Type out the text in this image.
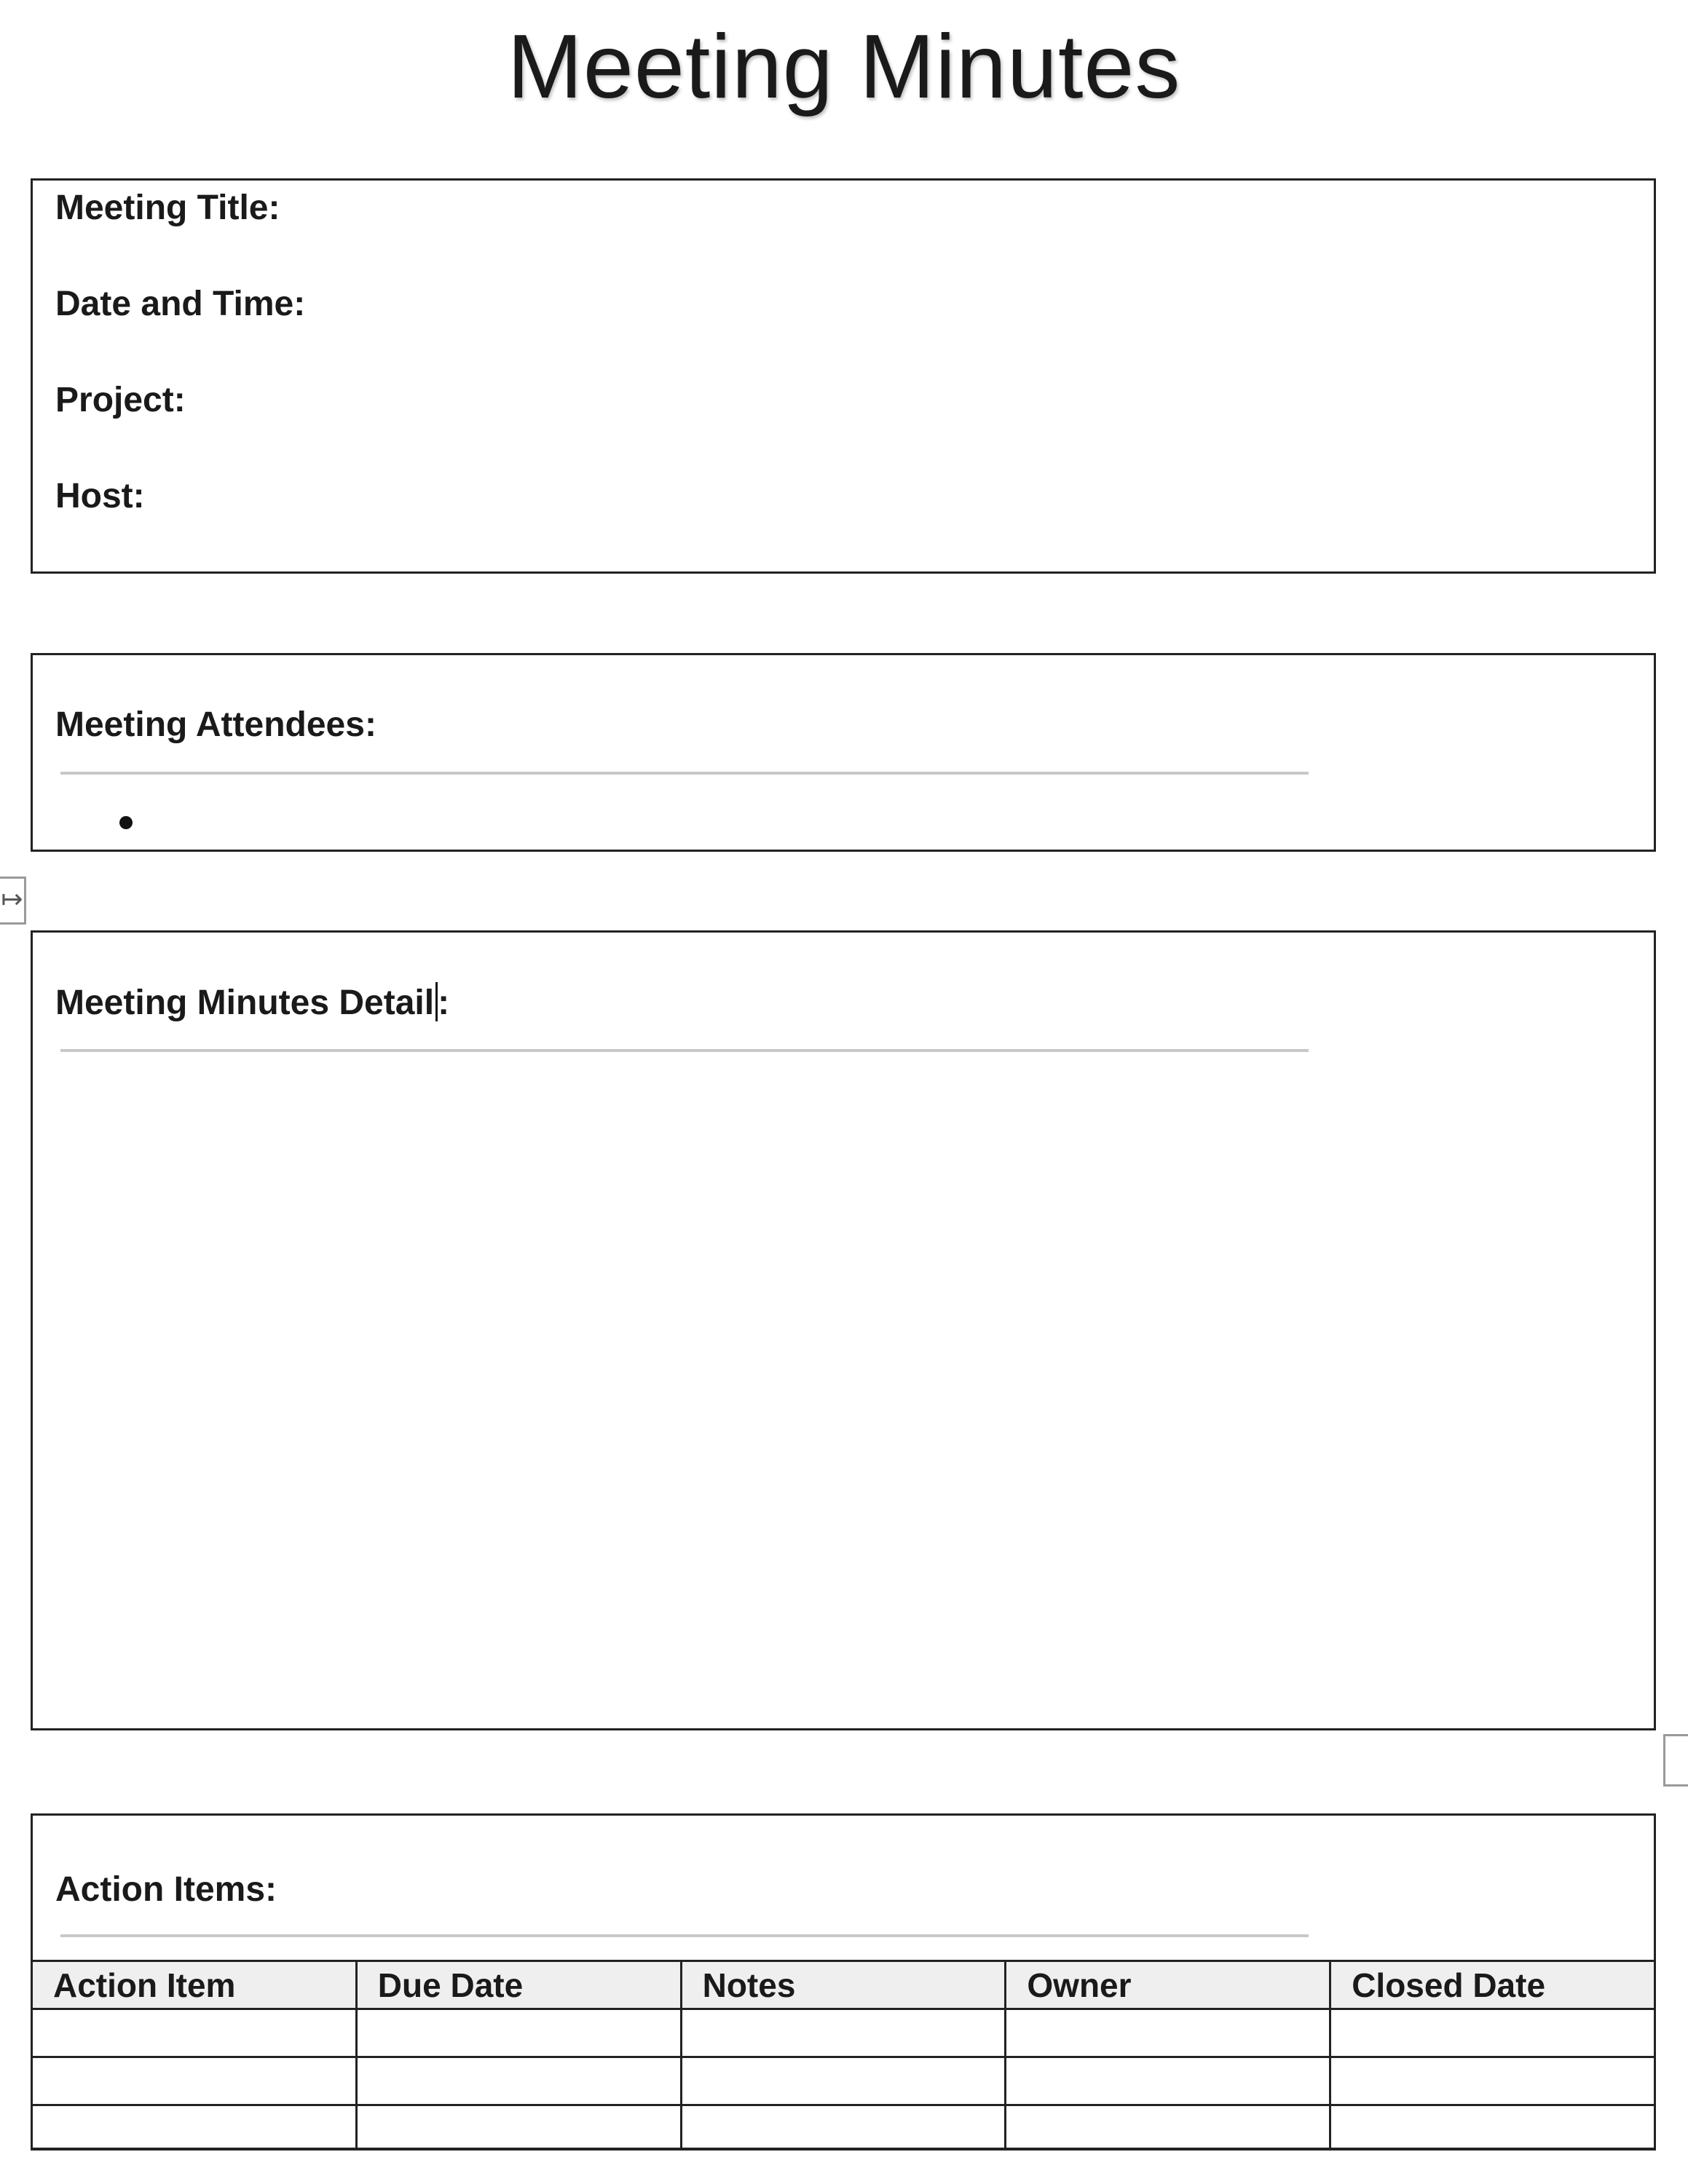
Meeting Minutes
Meeting Title:
Date and Time:
Project:
Host:
Meeting Attendees:
↦
Meeting Minutes Detail :
Action Items:
Action Item	Due Date	Notes	Owner	Closed Date
